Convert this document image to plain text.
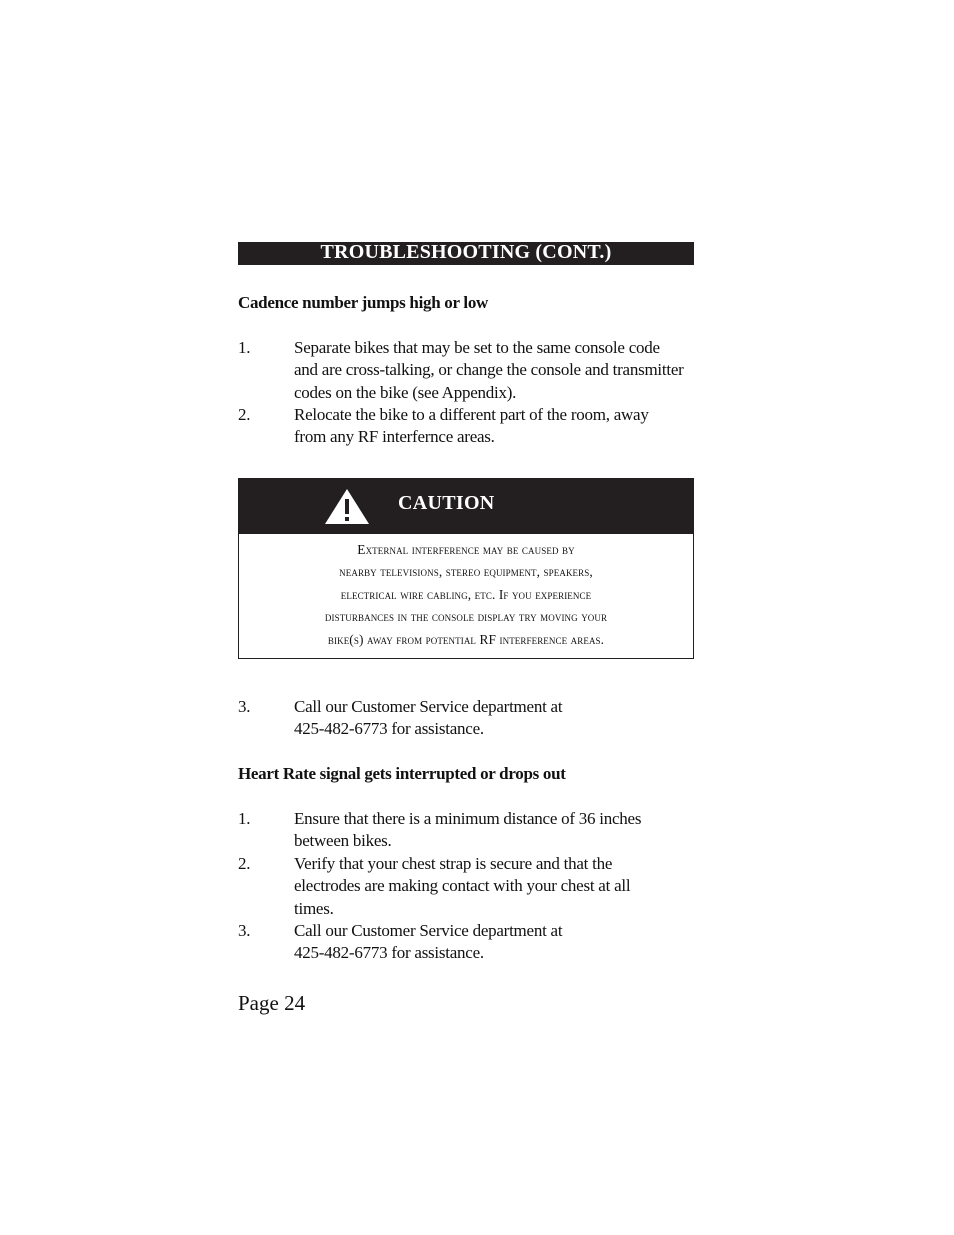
TROUBLESHOOTING (CONT.)
Cadence number jumps high or low
1.	Separate bikes that may be set to the same console code and are cross-talking, or change the console and transmitter codes on the bike (see Appendix).
2.	Relocate the bike to a different part of the room, away from any RF interfernce areas.
CAUTION
External interference may be caused by
nearby televisions, stereo equipment, speakers,
electrical wire cabling, etc. If you experience
disturbances in the console display try moving your
bike(s) away from potential RF interference areas.
3.	Call our Customer Service department at 425-482-6773 for assistance.
Heart Rate signal gets interrupted or drops out
1.	Ensure that there is a minimum distance of 36 inches between bikes.
2.	Verify that your chest strap is secure and that the electrodes are making contact with your chest at all times.
3.	Call our Customer Service department at 425-482-6773 for assistance.
Page 24
